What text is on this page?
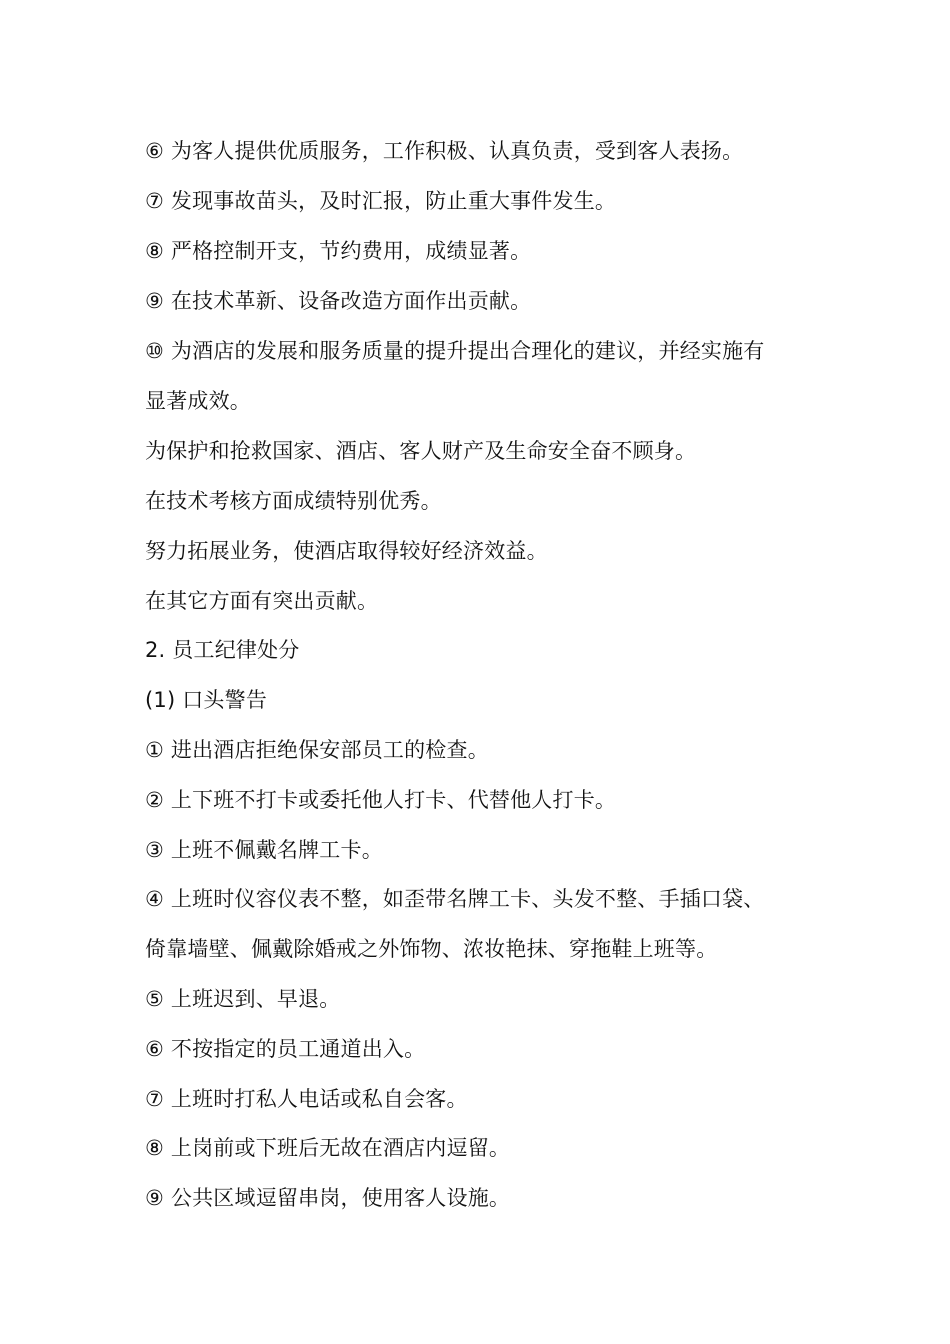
⑥ 为客人提供优质服务，工作积极、认真负责，受到客人表扬。
⑦ 发现事故苗头，及时汇报，防止重大事件发生。
⑧ 严格控制开支，节约费用，成绩显著。
⑨ 在技术革新、设备改造方面作出贡献。
⑩ 为酒店的发展和服务质量的提升提出合理化的建议，并经实施有
显著成效。
为保护和抢救国家、酒店、客人财产及生命安全奋不顾身。
在技术考核方面成绩特别优秀。
努力拓展业务，使酒店取得较好经济效益。
在其它方面有突出贡献。
2. 员工纪律处分
(1) 口头警告
① 进出酒店拒绝保安部员工的检查。
② 上下班不打卡或委托他人打卡、代替他人打卡。
③ 上班不佩戴名牌工卡。
④ 上班时仪容仪表不整，如歪带名牌工卡、头发不整、手插口袋、
倚靠墙壁、佩戴除婚戒之外饰物、浓妆艳抹、穿拖鞋上班等。
⑤ 上班迟到、早退。
⑥ 不按指定的员工通道出入。
⑦ 上班时打私人电话或私自会客。
⑧ 上岗前或下班后无故在酒店内逗留。
⑨ 公共区域逗留串岗，使用客人设施。
